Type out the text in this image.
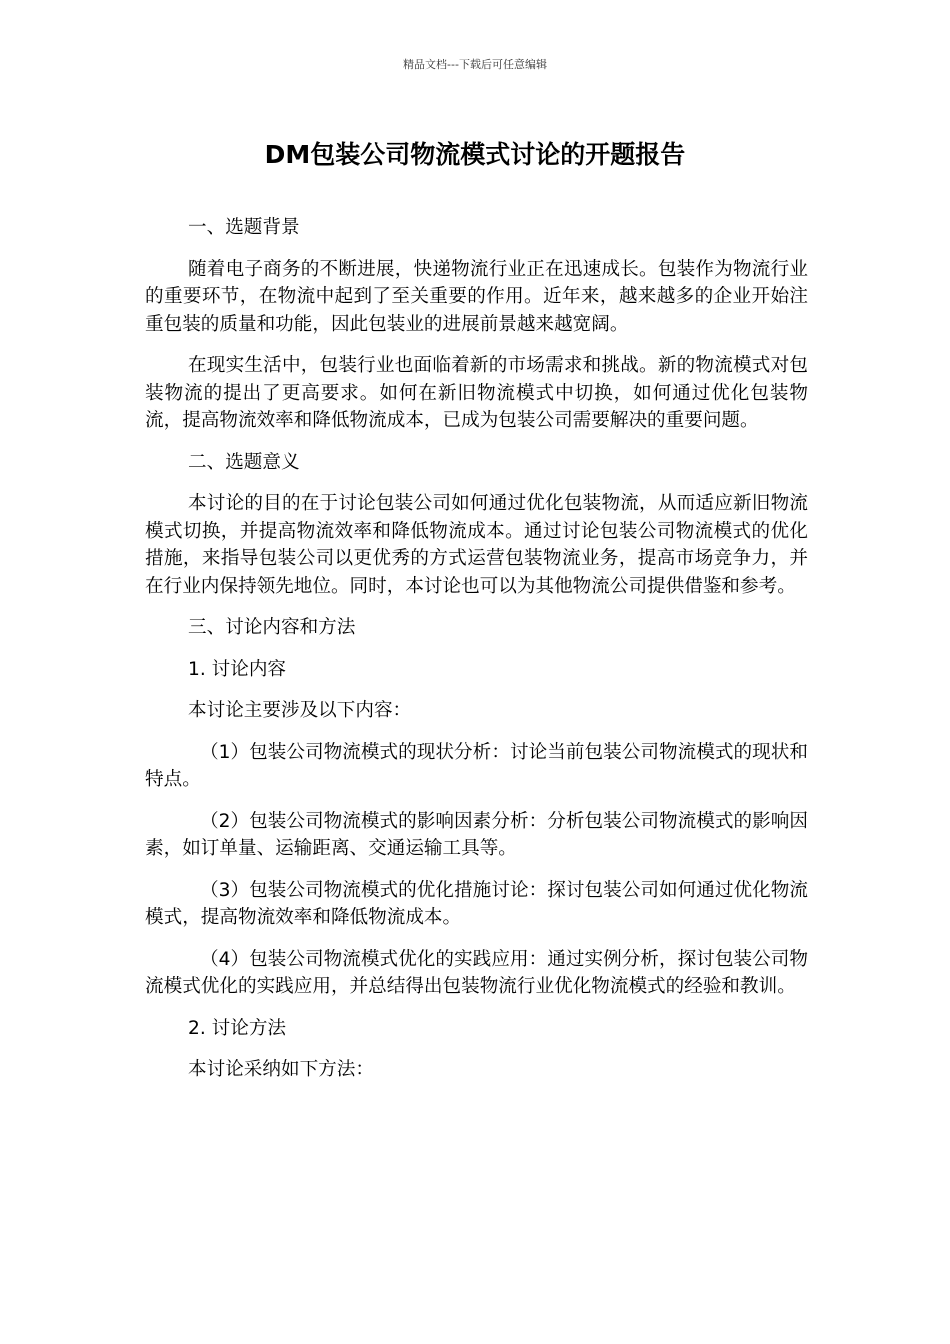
精品文档---下载后可任意编辑
DM包装公司物流模式讨论的开题报告

一、选题背景

随着电子商务的不断进展，快递物流行业正在迅速成长。包装作为物流行业的重要环节，在物流中起到了至关重要的作用。近年来，越来越多的企业开始注重包装的质量和功能，因此包装业的进展前景越来越宽阔。

在现实生活中，包装行业也面临着新的市场需求和挑战。新的物流模式对包装物流的提出了更高要求。如何在新旧物流模式中切换，如何通过优化包装物流，提高物流效率和降低物流成本，已成为包装公司需要解决的重要问题。

二、选题意义

本讨论的目的在于讨论包装公司如何通过优化包装物流，从而适应新旧物流模式切换，并提高物流效率和降低物流成本。通过讨论包装公司物流模式的优化措施，来指导包装公司以更优秀的方式运营包装物流业务，提高市场竞争力，并在行业内保持领先地位。同时，本讨论也可以为其他物流公司提供借鉴和参考。

三、讨论内容和方法

1. 讨论内容

本讨论主要涉及以下内容：

（1）包装公司物流模式的现状分析：讨论当前包装公司物流模式的现状和特点。

（2）包装公司物流模式的影响因素分析：分析包装公司物流模式的影响因素，如订单量、运输距离、交通运输工具等。

（3）包装公司物流模式的优化措施讨论：探讨包装公司如何通过优化物流模式，提高物流效率和降低物流成本。

（4）包装公司物流模式优化的实践应用：通过实例分析，探讨包装公司物流模式优化的实践应用，并总结得出包装物流行业优化物流模式的经验和教训。

2. 讨论方法

本讨论采纳如下方法：
